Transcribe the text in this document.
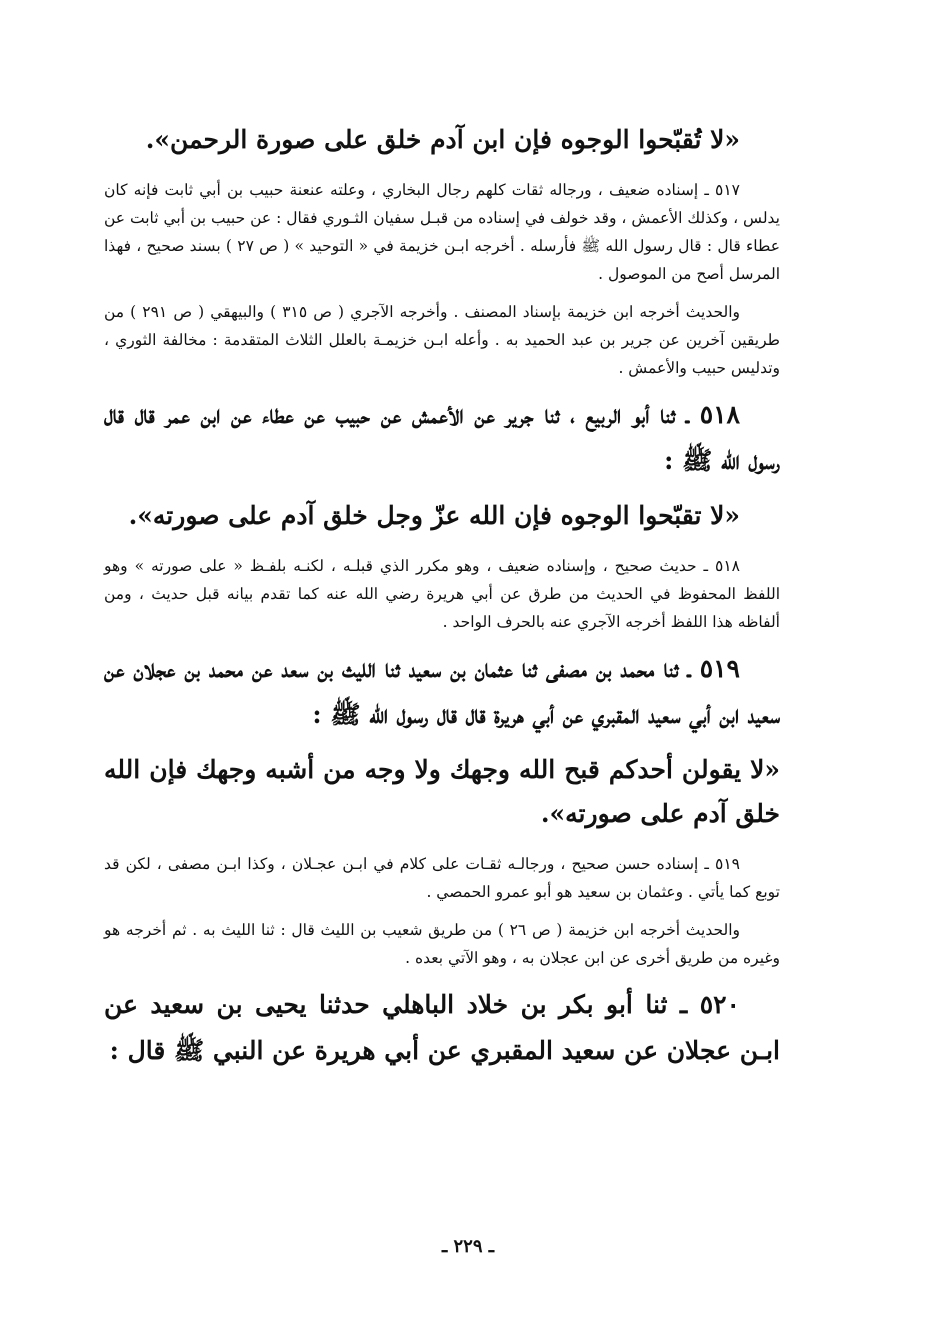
«لا تُقبّحوا الوجوه فإن ابن آدم خلق على صورة الرحمن».

٥١٧ ـ إسناده ضعيف ، ورجاله ثقات كلهم رجال البخاري ، وعلته عنعنة حبيب بن أبي ثابت فإنه كان يدلس ، وكذلك الأعمش ، وقد خولف في إسناده من قبـل سفيان الثـوري فقال : عن حبيب بن أبي ثابت عن عطاء قال : قال رسول الله ﷺ فأرسله . أخرجه ابـن خزيمة في « التوحيد » ( ص ٢٧ ) بسند صحيح ، فهذا المرسل أصح من الموصول .

والحديث أخرجه ابن خزيمة بإسناد المصنف . وأخرجه الآجري ( ص ٣١٥ ) والبيهقي ( ص ٢٩١ ) من طريقين آخرين عن جرير بن عبد الحميد به . وأعله ابـن خزيمـة بالعلل الثلاث المتقدمة : مخالفة الثوري ، وتدليس حبيب والأعمش .

٥١٨ ـ ثنا أبو الربيع ، ثنا جرير عن الأعمش عن حبيب عن عطاء عن ابن عمر قال قال رسول الله ﷺ :

«لا تقبّحوا الوجوه فإن الله عزّ وجل خلق آدم على صورته».

٥١٨ ـ حديث صحيح ، وإسناده ضعيف ، وهو مكرر الذي قبلـه ، لكنـه بلفـظ « على صورته » وهو اللفظ المحفوظ في الحديث من طرق عن أبي هريرة رضي الله عنه كما تقدم بيانه قبل حديث ، ومن ألفاظه هذا اللفظ أخرجه الآجري عنه بالحرف الواحد .

٥١٩ ـ ثنا محمد بن مصفى ثنا عثمان بن سعيد ثنا الليث بن سعد عن محمد بن عجلان عن سعيد ابن أبي سعيد المقبري عن أبي هريرة قال قال رسول الله ﷺ :

«لا يقولن أحدكم قبح الله وجهك ولا وجه من أشبه وجهك فإن الله خلق آدم على صورته».

٥١٩ ـ إسناده حسن صحيح ، ورجالـه ثقـات على كلام في ابـن عجـلان ، وكذا ابـن مصفى ، لكن قد توبع كما يأتي . وعثمان بن سعيد هو أبو عمرو الحمصي .

والحديث أخرجه ابن خزيمة ( ص ٢٦ ) من طريق شعيب بن الليث قال : ثنا الليث به . ثم أخرجه هو وغيره من طريق أخرى عن ابن عجلان به ، وهو الآتي بعده .

٥٢٠ ـ ثنا أبو بكر بن خلاد الباهلي حدثنا يحيى بن سعيد عن ابـن عجلان عن سعيد المقبري عن أبي هريرة عن النبي ﷺ قال :

ـ ٢٢٩ ـ
